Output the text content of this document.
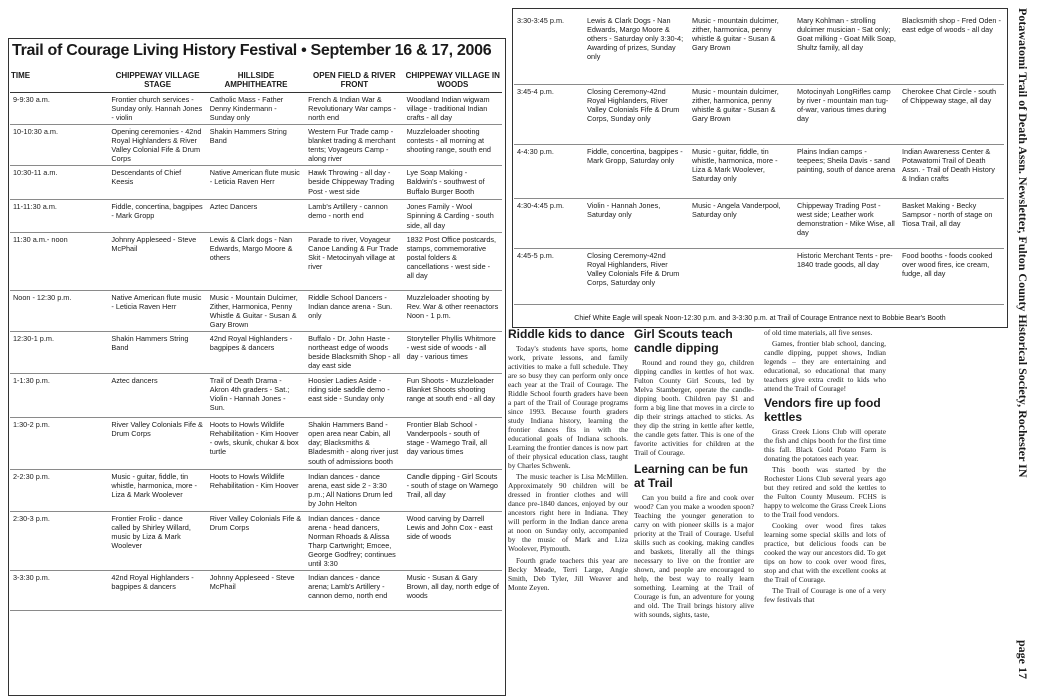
Trail of Courage Living History Festival • September 16 & 17, 2006
TIME	CHIPPEWAY VILLAGE STAGE	HILLSIDE AMPHITHEATRE	OPEN FIELD & RIVER FRONT	CHIPPEWAY VILLAGE IN WOODS
9-9:30 a.m.	Frontier church services - Sunday only. Hannah Jones - violin	Catholic Mass - Father Denny Kindermann - Sunday only	French & Indian War & Revolutionary War camps - north end	Woodland Indian wigwam village - traditional Indian crafts - all day
10-10:30 a.m.	Opening ceremonies - 42nd Royal Highlanders & River Valley Colonial Fife & Drum Corps	Shakin Hammers String Band	Western Fur Trade camp - blanket trading & merchant tents; Voyageurs Camp - along river	Muzzleloader shooting contests - all morning at shooting range, south end
10:30-11 a.m.	Descendants of Chief Keesis	Native American flute music - Leticia Raven Herr	Hawk Throwing - all day - beside Chippeway Trading Post - west side	Lye Soap Making - Baldwin's - southwest of Buffalo Burger Booth
11-11:30 a.m.	Fiddle, concertina, bagpipes - Mark Gropp	Aztec Dancers	Lamb's Artillery - cannon demo - north end	Jones Family - Wool Spinning & Carding - south side, all day
11:30 a.m.- noon	Johnny Appleseed - Steve McPhail	Lewis & Clark dogs - Nan Edwards, Margo Moore & others	Parade to river, Voyageur Canoe Landing & Fur Trade Skit - Metocinyah village at river	1832 Post Office postcards, stamps, commemorative postal folders & cancellations - west side - all day
Noon - 12:30 p.m.	Native American flute music - Leticia Raven Herr	Music - Mountain Dulcimer, Zither, Harmonica, Penny Whistle & Guitar - Susan & Gary Brown	Riddle School Dancers - Indian dance arena - Sun. only	Muzzleloader shooting by Rev. War & other reenactors Noon - 1 p.m.
12:30-1 p.m.	Shakin Hammers String Band	42nd Royal Highlanders - bagpipes & dancers	Buffalo - Dr. John Haste - northeast edge of woods beside Blacksmith Shop - all day east side	Storyteller Phyllis Whitmore - west side of woods - all day - various times
1-1:30 p.m.	Aztec dancers	Trail of Death Drama - Akron 4th graders - Sat.; Violin - Hannah Jones - Sun.	Hoosier Ladies Aside - riding side saddle demo - east side - Sunday only	Fun Shoots - Muzzleloader Blanket Shoots shooting range at south end - all day
1:30-2 p.m.	River Valley Colonials Fife & Drum Corps	Hoots to Howls Wildlife Rehabilitation - Kim Hoover - owls, skunk, chukar & box turtle	Shakin Hammers Band - open area near Cabin, all day; Blacksmiths & Bladesmith - along river just south of admissions booth	Frontier Blab School - Vanderpools - south of stage - Wamego Trail, all day various times
2-2:30 p.m.	Music - guitar, fiddle, tin whistle, harmonica, more - Liza & Mark Woolever	Hoots to Howls Wildlife Rehabilitation - Kim Hoover	Indian dances - dance arena, east side 2 - 3:30 p.m.; All Nations Drum led by John Helton	Candle dipping - Girl Scouts - south of stage on Wamego Trail, all day
2:30-3 p.m.	Frontier Frolic - dance called by Shirley Willard, music by Liza & Mark Woolever	River Valley Colonials Fife & Drum Corps	Indian dances - dance arena - head dancers, Norman Rhoads & Alissa Tharp Cartwright; Emcee, George Godfrey; continues until 3:30	Wood carving by Darrell Lewis and John Cox - east side of woods
3-3:30 p.m.	42nd Royal Highlanders - bagpipes & dancers	Johnny Appleseed - Steve McPhail	Indian dances - dance arena; Lamb's Artillery - cannon demo, north end	Music - Susan & Gary Brown, all day, north edge of woods
3:30-3:45 p.m.	Lewis & Clark Dogs - Nan Edwards, Margo Moore & others - Saturday only 3:30-4; Awarding of prizes, Sunday only	Music - mountain dulcimer, zither, harmonica, penny whistle & guitar - Susan & Gary Brown	Mary Kohlman - strolling dulcimer musician - Sat only; Goat milking - Goat Milk Soap, Shultz family, all day	Blacksmith shop - Fred Oden - east edge of woods - all day
3:45-4 p.m.	Closing Ceremony-42nd Royal Highlanders, River Valley Colonials Fife & Drum Corps, Sunday only	Music - mountain dulcimer, zither, harmonica, penny whistle & guitar - Susan & Gary Brown	Motocinyah LongRifles camp by river - mountain man tug-of-war, various times during day	Cherokee Chat Circle - south of Chippeway stage, all day
4-4:30 p.m.	Fiddle, concertina, bagpipes - Mark Gropp, Saturday only	Music - guitar, fiddle, tin whistle, harmonica, more - Liza & Mark Woolever, Saturday only	Plains Indian camps - teepees; Sheila Davis - sand painting, south of dance arena	Indian Awareness Center & Potawatomi Trail of Death Assn. - Trail of Death History & Indian crafts
4:30-4:45 p.m.	Violin - Hannah Jones, Saturday only	Music - Angela Vanderpool, Saturday only	Chippeway Trading Post - west side; Leather work demonstration - Mike Wise, all day	Basket Making - Becky Sampsor - north of stage on Tiosa Trail, all day
4:45-5 p.m.	Closing Ceremony-42nd Royal Highlanders, River Valley Colonials Fife & Drum Corps, Saturday only		Historic Merchant Tents - pre-1840 trade goods, all day	Food booths - foods cooked over wood fires, ice cream, fudge, all day
Chief White Eagle will speak Noon-12:30 p.m. and 3-3:30 p.m. at Trail of Courage Entrance next to Bobbie Bear's Booth
Riddle kids to dance

Today's students have sports, home work, private lessons, and family activities to make a full schedule. They are so busy they can perform only once each year at the Trail of Courage. The Riddle School fourth graders have been a part of the Trail of Courage programs since 1993. Because fourth graders study Indiana history, learning the frontier dances fits in with the educational goals of Indiana schools. Learning the frontier dances is now part of their physical education class, taught by Charles Schwenk.

The music teacher is Lisa McMillen. Approximately 90 children will be dressed in frontier clothes and will dance pre-1840 dances, enjoyed by our ancestors right here in Indiana. They will perform in the Indian dance arena at noon on Sunday only, accompanied by the music of Mark and Liza Woolever, Plymouth.

Fourth grade teachers this year are Becky Meade, Terri Large, Angie Smith, Deb Tyler, Jill Weaver and Monte Zeyen.

Girl Scouts teach candle dipping

Round and round they go, children dipping candles in kettles of hot wax. Fulton County Girl Scouts, led by Melva Stamberger, operate the candle-dipping booth. Children pay $1 and form a big line that moves in a circle to dip their strings attached to sticks. As they dip the string in kettle after kettle, the candle gets fatter. This is one of the favorite activities for children at the Trail of Courage.

Learning can be fun at Trail

Can you build a fire and cook over wood? Can you make a wooden spoon? Teaching the younger generation to carry on with pioneer skills is a major priority at the Trail of Courage. Useful skills such as cooking, making candles and baskets, literally all the things necessary to live on the frontier are shown, and people are encouraged to help, the best way to really learn something. Learning at the Trail of Courage is fun, an adventure for young and old. The Trail brings history alive with sounds, sights, taste,

of old time materials, all five senses.

Games, frontier blab school, dancing, candle dipping, puppet shows, Indian legends – they are entertaining and educational, so educational that many teachers give extra credit to kids who attend the Trail of Courage!

Vendors fire up food kettles

Grass Creek Lions Club will operate the fish and chips booth for the first time this fall. Black Gold Potato Farm is donating the potatoes each year.

This booth was started by the Rochester Lions Club several years ago but they retired and sold the kettles to the Fulton County Museum. FCHS is happy to welcome the Grass Creek Lions to the Trail food vendors.

Cooking over wood fires takes learning some special skills and lots of practice, but delicious foods can be cooked the way our ancestors did. To get tips on how to cook over wood fires, stop and chat with the excellent cooks at the Trail of Courage.

The Trail of Courage is one of a very few festivals that

Potawatomi Trail of Death Assn. Newsletter, Fulton County Historical Society, Rochester IN
page 17
